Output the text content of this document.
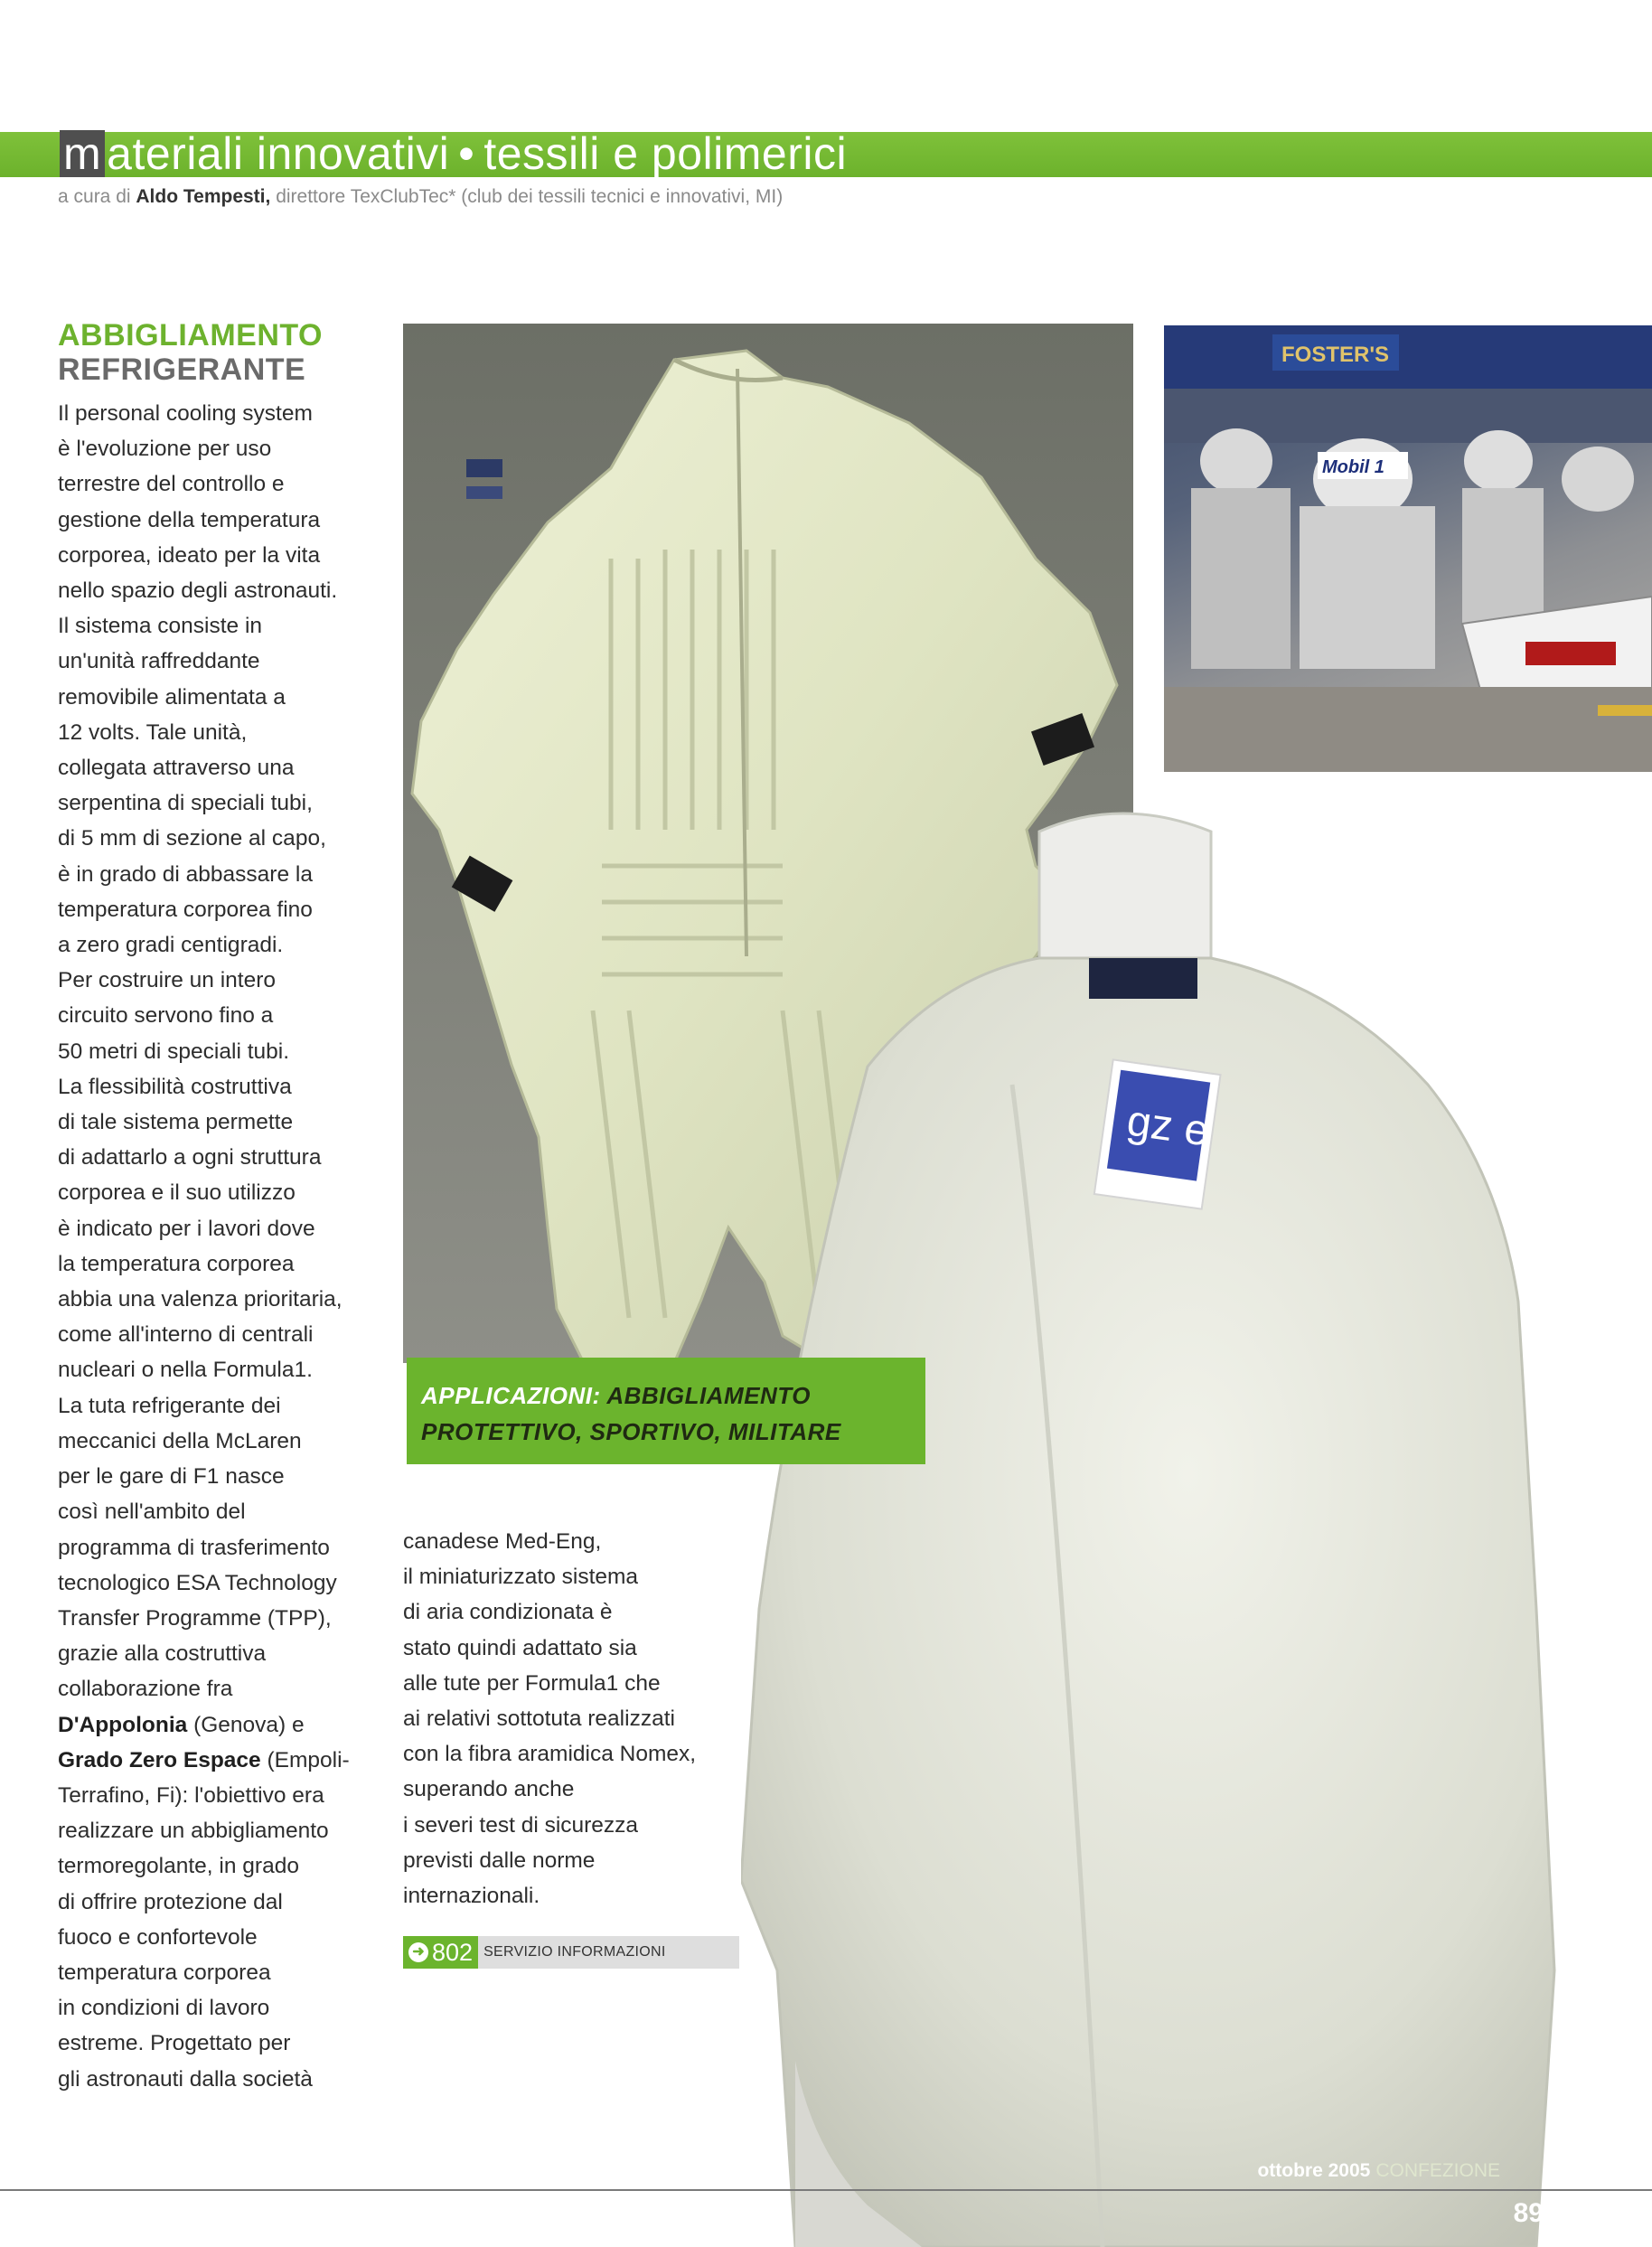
m ateriali innovativi • tessili e polimerici
a cura di Aldo Tempesti, direttore TexClubTec* (club dei tessili tecnici e innovativi, MI)
ABBIGLIAMENTO
REFRIGERANTE

Il personal cooling system

è l'evoluzione per uso

terrestre del controllo e

gestione della temperatura

corporea, ideato per la vita

nello spazio degli astronauti.

Il sistema consiste in

un'unità raffreddante

removibile alimentata a

12 volts. Tale unità,

collegata attraverso una

serpentina di speciali tubi,

di 5 mm di sezione al capo,

è in grado di abbassare la

temperatura corporea fino

a zero gradi centigradi.

Per costruire un intero

circuito servono fino a

50 metri di speciali tubi.

La flessibilità costruttiva

di tale sistema permette

di adattarlo a ogni struttura

corporea e il suo utilizzo

è indicato per i lavori dove

la temperatura corporea

abbia una valenza prioritaria,

come all'interno di centrali

nucleari o nella Formula1.

La tuta refrigerante dei

meccanici della McLaren

per le gare di F1 nasce

così nell'ambito del

programma di trasferimento

tecnologico ESA Technology

Transfer Programme (TPP),

grazie alla costruttiva

collaborazione fra

D'Appolonia (Genova) e

Grado Zero Espace (Empoli-

Terrafino, Fi): l'obiettivo era

realizzare un abbigliamento

termoregolante, in grado

di offrire protezione dal

fuoco e confortevole

temperatura corporea

in condizioni di lavoro

estreme. Progettato per

gli astronauti dalla società

FOSTER'S
Mobil 1
gz e
APPLICAZIONI: ABBIGLIAMENTO
PROTETTIVO, SPORTIVO, MILITARE

canadese Med-Eng,

il miniaturizzato sistema

di aria condizionata è

stato quindi adattato sia

alle tute per Formula1 che

ai relativi sottotuta realizzati

con la fibra aramidica Nomex,

superando anche

i severi test di sicurezza

previsti dalle norme

internazionali.

➜ 802 SERVIZIO INFORMAZIONI
ottobre 2005 CONFEZIONE
89
